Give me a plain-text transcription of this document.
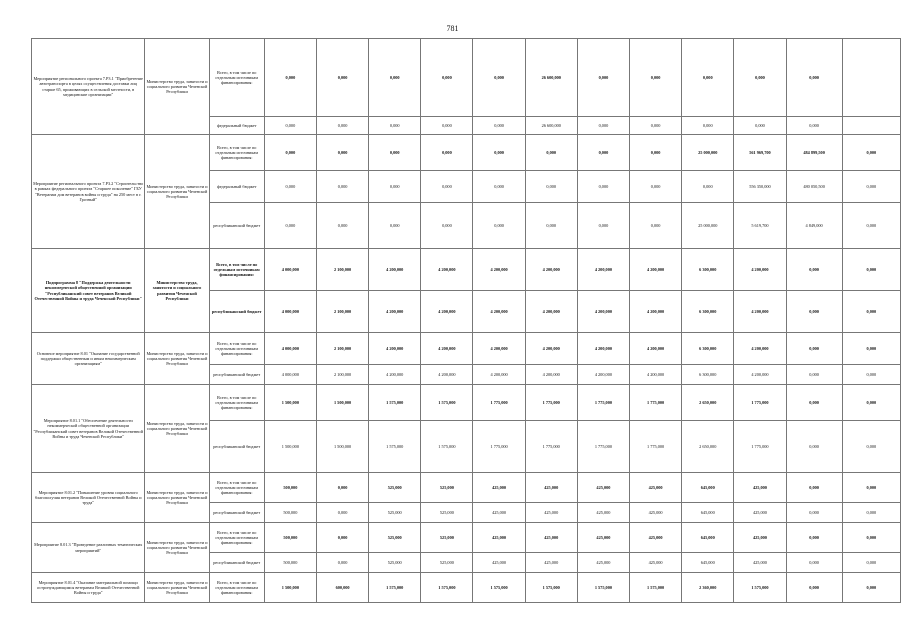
781
Мероприятие регионального проекта 7.Р3.1 "Приобретение автотранспорта в целях осуществления доставки лиц старше 65, проживающих в сельской местности, в медицинские организации"	Министерство труда, занятости и социального развития Чеченской Республики	Всего, в том числе по отдельным источникам финансирования:	0,000	0,000	0,000	0,000	0,000	26 600,000	0,000	0,000	0,000	0,000	0,000	
		федеральный бюджет	0,000	0,000	0,000	0,000	0,000	26 600,000	0,000	0,000	0,000	0,000	0,000	
Мероприятие регионального проекта 7.Р3.2 "Строительство в рамках федерального проекта "Старшее поколение" ГБУ "Ветеранам дом ветеранов войны и труда" на 250 мест в г. Грозный"	Министерство труда, занятости и социального развития Чеченской Республики	Всего, в том числе по отдельным источникам финансирования:	0,000	0,000	0,000	0,000	0,000	0,000	0,000	0,000	25 000,000	561 969,700	484 899,500	0,000
		федеральный бюджет	0,000	0,000	0,000	0,000	0,000	0,000	0,000	0,000	0,000	556 350,000	480 050,500	0,000
		республиканский бюджет	0,000	0,000	0,000	0,000	0,000	0,000	0,000	0,000	25 000,000	5 619,700	4 849,000	0,000
Подпрограмма 8 "Поддержка деятельности некоммерческой общественной организации "Республиканский совет ветеранов Великой Отечественной Войны и труда Чеченской Республики"	Министерство труда, занятости и социального развития Чеченской Республики	Всего, в том числе по отдельным источникам финансирования:	4 000,000	2 100,000	4 200,000	4 200,000	4 200,000	4 200,000	4 200,000	4 200,000	6 300,000	4 200,000	0,000	0,000
		республиканский бюджет	4 000,000	2 100,000	4 200,000	4 200,000	4 200,000	4 200,000	4 200,000	4 200,000	6 300,000	4 200,000	0,000	0,000
Основное мероприятие 8.01 "Оказание государственной поддержки общественным и иным некоммерческим организациям"	Министерство труда, занятости и социального развития Чеченской Республики	Всего, в том числе по отдельным источникам финансирования:	4 000,000	2 100,000	4 200,000	4 200,000	4 200,000	4 200,000	4 200,000	4 200,000	6 300,000	4 200,000	0,000	0,000
		республиканский бюджет	4 000,000	2 100,000	4 200,000	4 200,000	4 200,000	4 200,000	4 200,000	4 200,000	6 300,000	4 200,000	0,000	0,000
Мероприятие 8.01.1 "Обеспечение деятельности некоммерческой общественной организации "Республиканский совет ветеранов Великой Отечественной Войны и труда Чеченской Республики"	Министерство труда, занятости и социального развития Чеченской Республики	Всего, в том числе по отдельным источникам финансирования:	1 500,000	1 500,000	1 575,000	1 575,000	1 775,000	1 775,000	1 775,000	1 775,000	2 650,000	1 775,000	0,000	0,000
		республиканский бюджет	1 500,000	1 500,000	1 575,000	1 575,000	1 775,000	1 775,000	1 775,000	1 775,000	2 650,000	1 775,000	0,000	0,000
Мероприятие 8.01.2 "Повышение уровня социального благополучия ветеранов Великой Отечественной Войны и труда"	Министерство труда, занятости и социального развития Чеченской Республики	Всего, в том числе по отдельным источникам финансирования:	500,000	0,000	525,000	525,000	425,000	425,000	425,000	425,000	645,000	425,000	0,000	0,000
		республиканский бюджет	500,000	0,000	525,000	525,000	425,000	425,000	425,000	425,000	645,000	425,000	0,000	0,000
Мероприятие 8.01.3 "Проведение различных тематических мероприятий"	Министерство труда, занятости и социального развития Чеченской Республики	Всего, в том числе по отдельным источникам финансирования:	500,000	0,000	525,000	525,000	425,000	425,000	425,000	425,000	645,000	425,000	0,000	0,000
		республиканский бюджет	500,000	0,000	525,000	525,000	425,000	425,000	425,000	425,000	645,000	425,000	0,000	0,000
Мероприятие 8.01.4 "Оказание материальной помощи остронуждающимся ветеранам Великой Отечественной Войны и труда"	Министерство труда, занятости и социального развития Чеченской Республики	Всего, в том числе по отдельным источникам финансирования:	1 500,000	600,000	1 575,000	1 575,000	1 575,000	1 575,000	1 575,000	1 575,000	2 360,000	1 575,000	0,000	0,000
